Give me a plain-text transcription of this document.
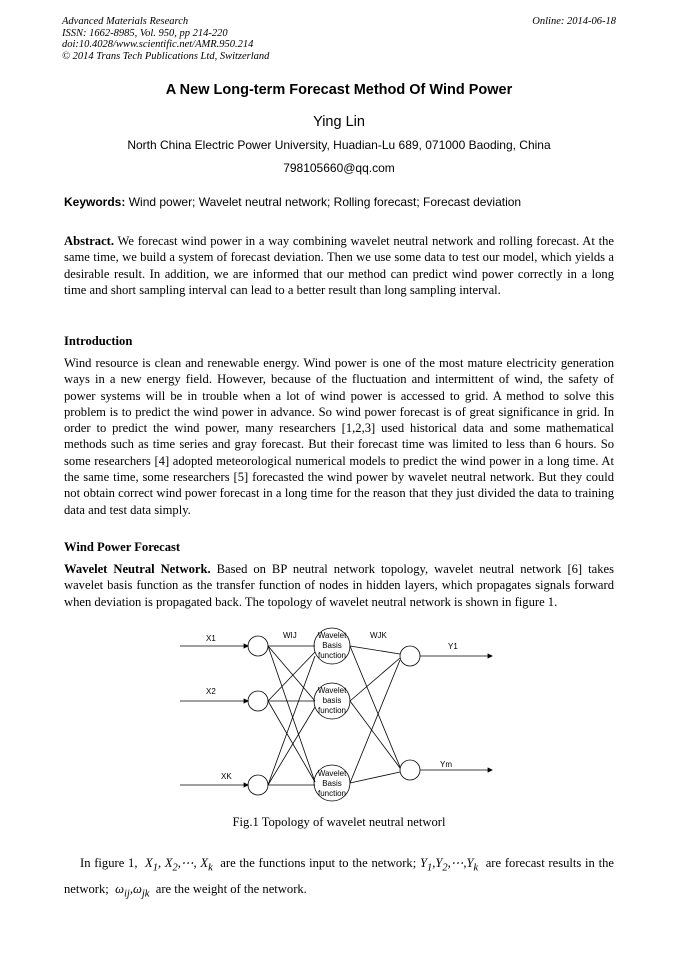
Advanced Materials Research
ISSN: 1662-8985, Vol. 950, pp 214-220
doi:10.4028/www.scientific.net/AMR.950.214
© 2014 Trans Tech Publications Ltd, Switzerland
Online: 2014-06-18
A New Long-term Forecast Method Of Wind Power
Ying Lin
North China Electric Power University, Huadian-Lu 689, 071000 Baoding, China
798105660@qq.com
Keywords: Wind power; Wavelet neutral network; Rolling forecast; Forecast deviation
Abstract. We forecast wind power in a way combining wavelet neutral network and rolling forecast. At the same time, we build a system of forecast deviation. Then we use some data to test our model, which yields a desirable result. In addition, we are informed that our method can predict wind power correctly in a long time and short sampling interval can lead to a better result than long sampling interval.
Introduction
Wind resource is clean and renewable energy. Wind power is one of the most mature electricity generation ways in a new energy field. However, because of the fluctuation and intermittent of wind, the safety of power systems will be in trouble when a lot of wind power is accessed to grid. A method to solve this problem is to predict the wind power in advance. So wind power forecast is of great significance in grid. In order to predict the wind power, many researchers [1,2,3] used historical data and some mathematical methods such as time series and gray forecast. But their forecast time was limited to less than 6 hours. So some researchers [4] adopted meteorological numerical models to predict the wind power in a long time. At the same time, some researchers [5] forecasted the wind power by wavelet neutral network. But they could not obtain correct wind power forecast in a long time for the reason that they just divided the data to training data and test data simply.
Wind Power Forecast
Wavelet Neutral Network. Based on BP neutral network topology, wavelet neutral network [6] takes wavelet basis function as the transfer function of nodes in hidden layers, which propagates signals forward when deviation is propagated back. The topology of wavelet neutral network is shown in figure 1.
X1
X2
XK
WIJ	WJK
Y1
Ym
Wavelet
Basis
function
Wavelet
basis
function
Wavelet
Basis
function
Fig.1 Topology of wavelet neutral networl
In figure 1,  $X_1$, $X_2,\cdots$, $X_k$ are the functions input to the network; $Y_1,Y_2,\cdots,Y_k$ are forecast results in the network;  $\omega_{ij},\omega_{jk}$ are the weight of the network.
